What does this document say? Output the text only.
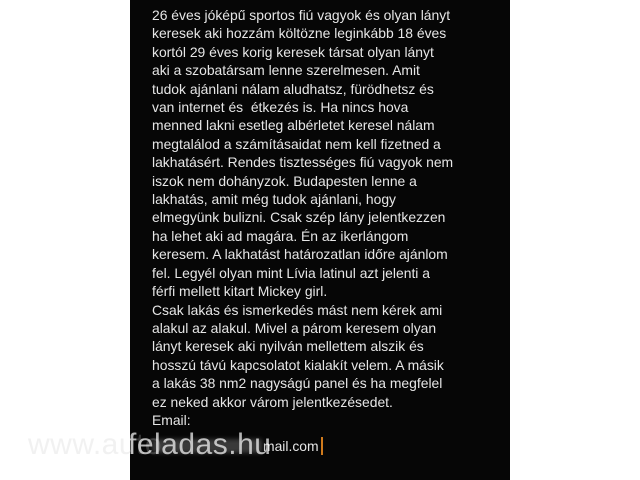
26 éves jóképű sportos fiú vagyok és olyan lányt
keresek aki hozzám költözne leginkább 18 éves
kortól 29 éves korig keresek társat olyan lányt
aki a szobatársam lenne szerelmesen. Amit
tudok ajánlani nálam aludhatsz, fürödhetsz és
van internet és  étkezés is. Ha nincs hova
menned lakni esetleg albérletet keresel nálam
megtalálod a számításaidat nem kell fizetned a
lakhatásért. Rendes tisztességes fiú vagyok nem
iszok nem dohányzok. Budapesten lenne a
lakhatás, amit még tudok ajánlani, hogy
elmegyünk bulizni. Csak szép lány jelentkezzen
ha lehet aki ad magára. Én az ikerlángom
keresem. A lakhatást határozatlan időre ajánlom
fel. Legyél olyan mint Lívia latinul azt jelenti a
férfi mellett kitart Mickey girl.
Csak lakás és ismerkedés mást nem kérek ami
alakul az alakul. Mivel a párom keresem olyan
lányt keresek aki nyilván mellettem alszik és
hosszú távú kapcsolatot kialakít velem. A másik
a lakás 38 nm2 nagyságú panel és ha megfelel
ez neked akkor várom jelentkezésedet.
Email:
mail.com
www.auto
feladas.hu
